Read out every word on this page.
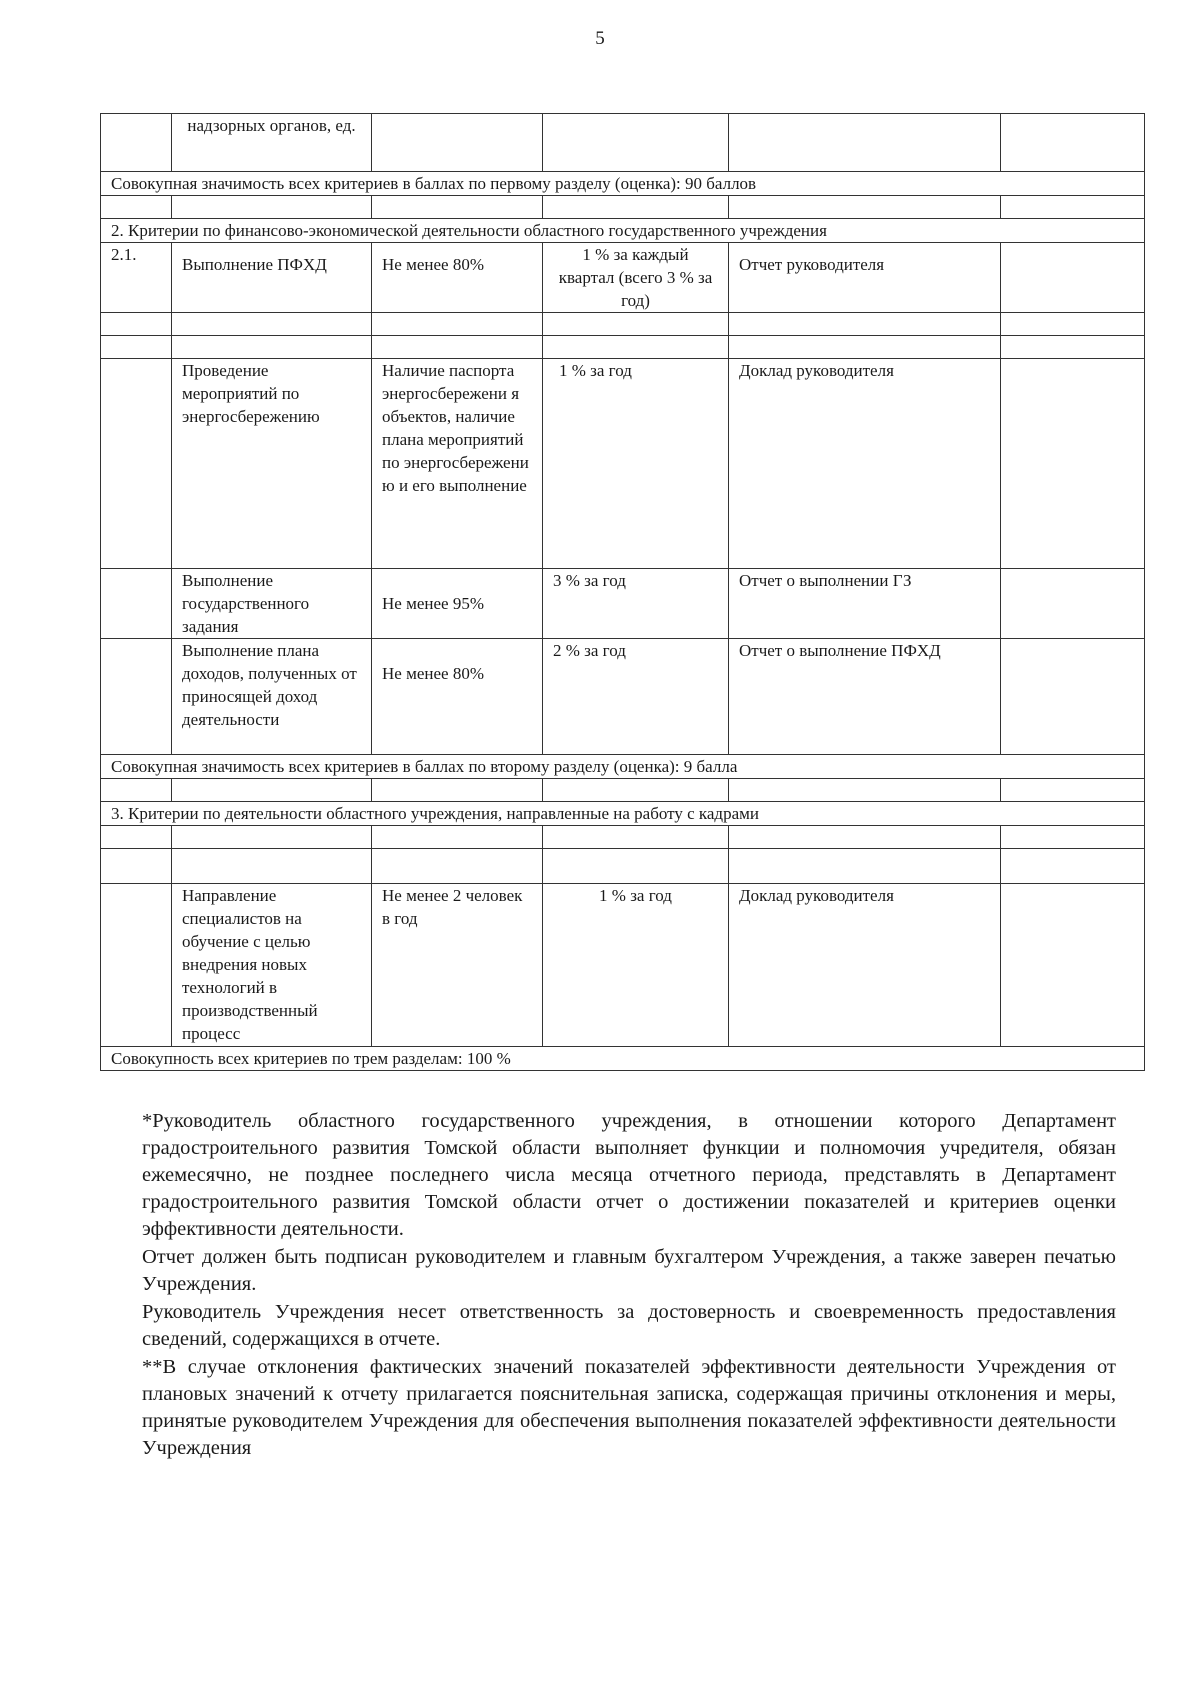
5
	надзорных органов, ед.				
Совокупная значимость всех критериев в баллах по первому разделу (оценка): 90 баллов					

2. Критерии по финансово-экономической деятельности областного государственного учреждения					
2.1.	Выполнение ПФХД	Не менее 80%	1 % за каждый квартал (всего 3 % за год)	Отчет руководителя	

	Проведение мероприятий по энергосбережению	Наличие паспорта энергосбережени я объектов, наличие плана мероприятий по энергосбережени ю и его выполнение	1 % за год	Доклад руководителя	
	Выполнение государственного задания	Не менее 95%	3 % за год	Отчет о выполнении ГЗ	
	Выполнение плана доходов, полученных от приносящей доход деятельности	Не менее 80%	2 % за год	Отчет о выполнение ПФХД	
Совокупная значимость всех критериев в баллах по второму разделу (оценка): 9 балла					

3. Критерии по деятельности областного учреждения, направленные на работу с кадрами					

	Направление специалистов на обучение с целью внедрения новых технологий в производственный процесс	Не менее 2 человек в год	1 % за год	Доклад руководителя	
Совокупность всех критериев по трем разделам: 100 %					

*Руководитель областного государственного учреждения, в отношении которого Департамент градостроительного развития Томской области выполняет функции и полномочия учредителя, обязан ежемесячно, не позднее последнего числа месяца отчетного периода, представлять в Департамент градостроительного развития Томской области отчет о достижении показателей и критериев оценки эффективности деятельности.

Отчет должен быть подписан руководителем и главным бухгалтером Учреждения, а также заверен печатью Учреждения.

Руководитель Учреждения несет ответственность за достоверность и своевременность предоставления сведений, содержащихся в отчете.

**В случае отклонения фактических значений показателей эффективности деятельности Учреждения от плановых значений к отчету прилагается пояснительная записка, содержащая причины отклонения и меры, принятые руководителем Учреждения для обеспечения выполнения показателей эффективности деятельности Учреждения
